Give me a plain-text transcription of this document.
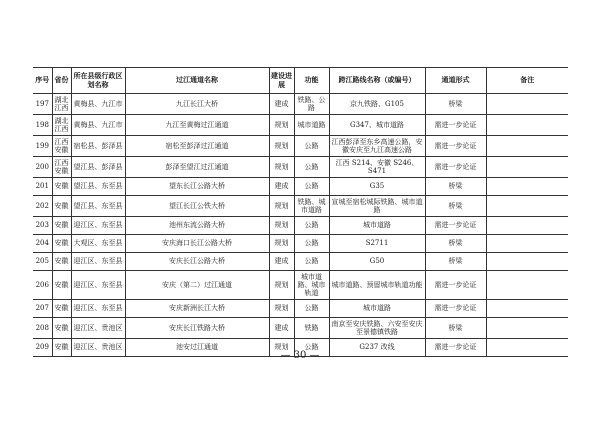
序号	省份	所在县级行政区划名称	过江通道名称	建设进展	功能	跨江路线名称（或编号）	通道形式	备注
197	湖北江西	黄梅县、九江市	九江长江大桥	建成	铁路、公路	京九铁路、G105	桥梁	
198	湖北江西	黄梅县、九江市	九江至黄梅过江通道	规划	城市道路	G347、城市道路	需进一步论证	
199	江西安徽	宿松县、彭泽县	宿松至彭泽过江通道	规划	公路	江西彭泽至东乡高速公路，安徽安庆至九江高速公路	需进一步论证	
200	江西安徽	望江县、彭泽县	彭泽至望江过江通道	规划	公路	江西 S214、安徽 S246、S471	需进一步论证	
201	安徽	望江县、东至县	望东长江公路大桥	建成	公路	G35	桥梁	
202	安徽	望江县、东至县	望江长江公铁大桥	规划	铁路、城市道路	宣城至宿松城际铁路、城市道路	桥梁	
203	安徽	迎江区、东至县	池州东流公路大桥	规划	公路	城市道路	需进一步论证	
204	安徽	大观区、东至县	安庆海口长江公路大桥	规划	公路	S2711	桥梁	
205	安徽	迎江区、东至县	安庆长江公路大桥	建成	公路	G50	桥梁	
206	安徽	迎江区、东至县	安庆（第二）过江通道	规划	城市道路、城市轨道	城市道路、预留城市轨道功能	需进一步论证	
207	安徽	迎江区、东至县	安庆新洲长江大桥	规划	公路	城市道路	需进一步论证	
208	安徽	迎江区、贵池区	安庆长江铁路大桥	建成	铁路	南京至安庆铁路、六安至安庆至景德镇铁路	桥梁	
209	安徽	迎江区、贵池区	池安过江通道	规划	公路	G237 改线	需进一步论证	
— 30 —
